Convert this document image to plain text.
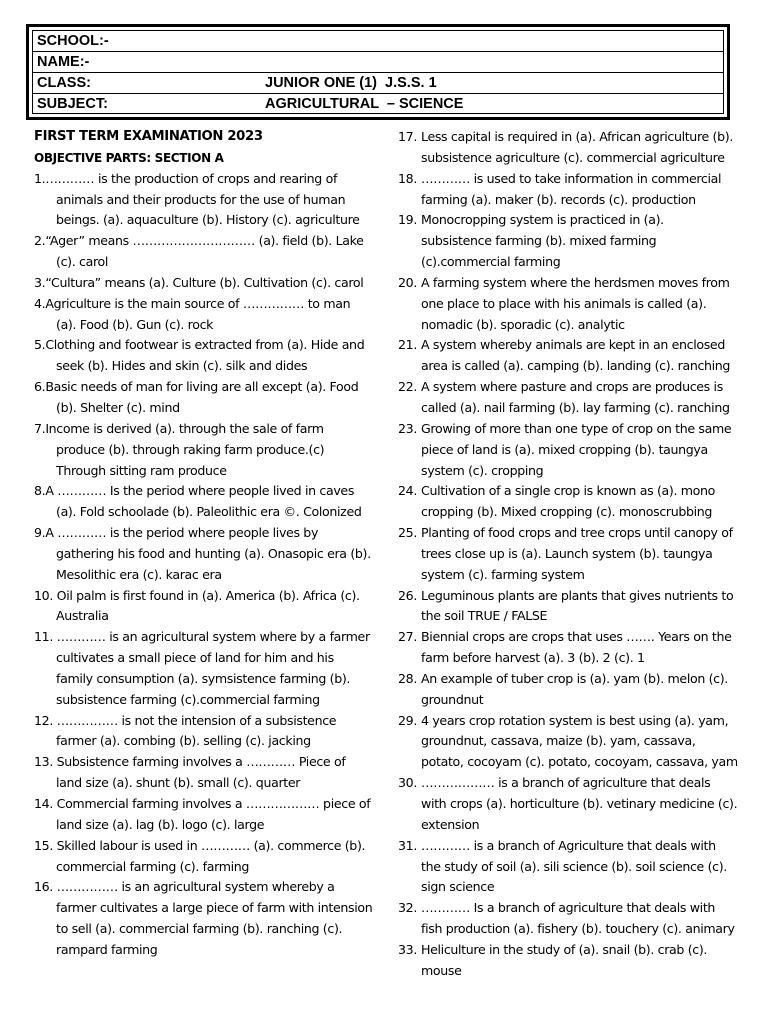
SCHOOL:-
NAME:-
CLASS:	JUNIOR ONE (1)  J.S.S. 1
SUBJECT:	AGRICULTURAL  – SCIENCE
FIRST TERM EXAMINATION 2023
OBJECTIVE PARTS: SECTION A
1.………… is the production of crops and rearing of animals and their products for the use of human beings. (a). aquaculture (b). History (c). agriculture
2.“Ager” means ………………………… (a). field (b). Lake (c). carol
3.“Cultura” means (a). Culture (b). Cultivation (c). carol
4.Agriculture is the main source of …………… to man (a). Food (b). Gun (c). rock
5.Clothing and footwear is extracted from (a). Hide and seek (b). Hides and skin (c). silk and dides
6.Basic needs of man for living are all except (a). Food (b). Shelter (c). mind
7.Income is derived (a). through the sale of farm produce (b). through raking farm produce.(c) Through sitting ram produce
8.A ………… Is the period where people lived in caves (a). Fold schoolade (b). Paleolithic era ©. Colonized
9.A ………… is the period where people lives by gathering his food and hunting (a). Onasopic era (b). Mesolithic era (c). karac era
10. Oil palm is first found in (a). America (b). Africa (c). Australia
11. ………… is an agricultural system where by a farmer cultivates a small piece of land for him and his family consumption (a). symsistence farming (b). subsistence farming (c).commercial farming
12. …………… is not the intension of a subsistence farmer (a). combing (b). selling (c). jacking
13. Subsistence farming involves a ………… Piece of land size (a). shunt (b). small (c). quarter
14. Commercial farming involves a ……………… piece of land size (a). lag (b). logo (c). large
15. Skilled labour is used in ………… (a). commerce (b). commercial farming (c). farming
16. …………… is an agricultural system whereby a farmer cultivates a large piece of farm with intension to sell (a). commercial farming (b). ranching (c). rampard farming
17. Less capital is required in (a). African agriculture (b). subsistence agriculture (c). commercial agriculture
18. ………… is used to take information in commercial farming (a). maker (b). records (c). production
19. Monocropping system is practiced in (a). subsistence farming (b). mixed farming (c).commercial farming
20. A farming system where the herdsmen moves from one place to place with his animals is called (a). nomadic (b). sporadic (c). analytic
21. A system whereby animals are kept in an enclosed area is called (a). camping (b). landing (c). ranching
22. A system where pasture and crops are produces is called (a). nail farming (b). lay farming (c). ranching
23. Growing of more than one type of crop on the same piece of land is (a). mixed cropping (b). taungya system (c). cropping
24. Cultivation of a single crop is known as (a). mono cropping (b). Mixed cropping (c). monoscrubbing
25. Planting of food crops and tree crops until canopy of trees close up is (a). Launch system (b). taungya system (c). farming system
26. Leguminous plants are plants that gives nutrients to the soil TRUE / FALSE
27. Biennial crops are crops that uses ……. Years on the farm before harvest (a). 3 (b). 2 (c). 1
28. An example of tuber crop is (a). yam (b). melon (c). groundnut
29. 4 years crop rotation system is best using (a). yam, groundnut, cassava, maize (b). yam, cassava, potato, cocoyam (c). potato, cocoyam, cassava, yam
30. ……………… is a branch of agriculture that deals with crops (a). horticulture (b). vetinary medicine (c). extension
31. ………… is a branch of Agriculture that deals with the study of soil (a). sili science (b). soil science (c). sign science
32. ………… Is a branch of agriculture that deals with fish production (a). fishery (b). touchery (c). animary
33. Heliculture in the study of (a). snail (b). crab (c). mouse
